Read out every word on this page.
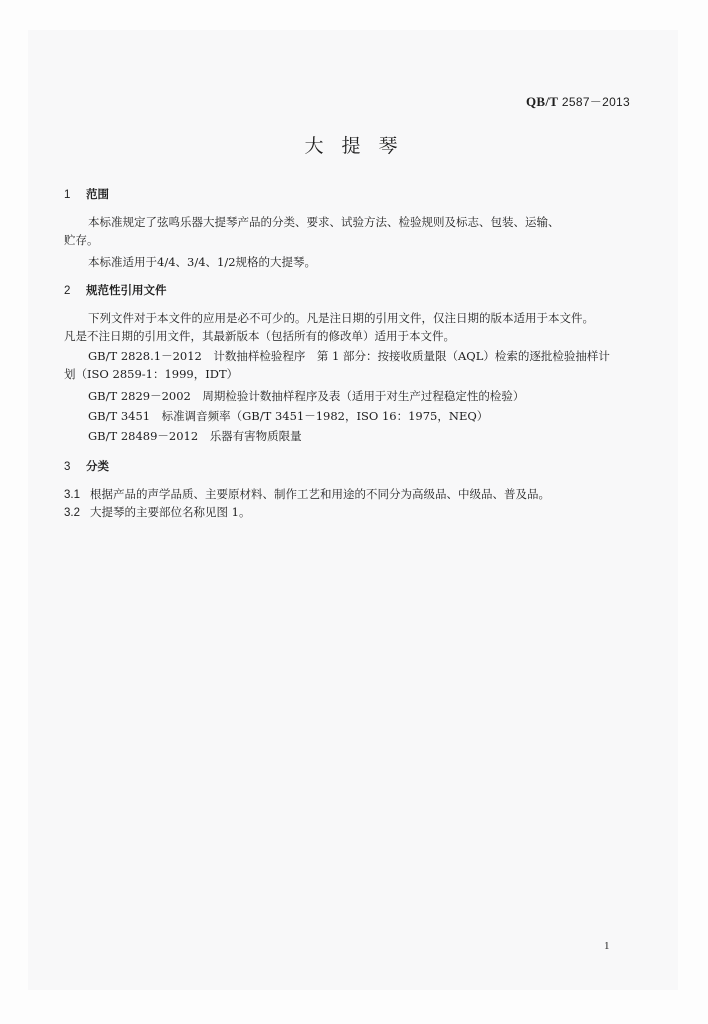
QB/T 2587－2013
大 提 琴
1 范围
本标准规定了弦鸣乐器大提琴产品的分类、要求、试验方法、检验规则及标志、包装、运输、
贮存。
本标准适用于4/4、3/4、1/2规格的大提琴。
2 规范性引用文件
下列文件对于本文件的应用是必不可少的。凡是注日期的引用文件，仅注日期的版本适用于本文件。
凡是不注日期的引用文件，其最新版本（包括所有的修改单）适用于本文件。
GB/T 2828.1－2012　计数抽样检验程序　第 1 部分：按接收质量限（AQL）检索的逐批检验抽样计
划（ISO 2859-1：1999，IDT）
GB/T 2829－2002　周期检验计数抽样程序及表（适用于对生产过程稳定性的检验）
GB/T 3451　标准调音频率（GB/T 3451－1982，ISO 16：1975，NEQ）
GB/T 28489－2012　乐器有害物质限量
3 分类
3.1 根据产品的声学品质、主要原材料、制作工艺和用途的不同分为高级品、中级品、普及品。
3.2 大提琴的主要部位名称见图 1。
1
